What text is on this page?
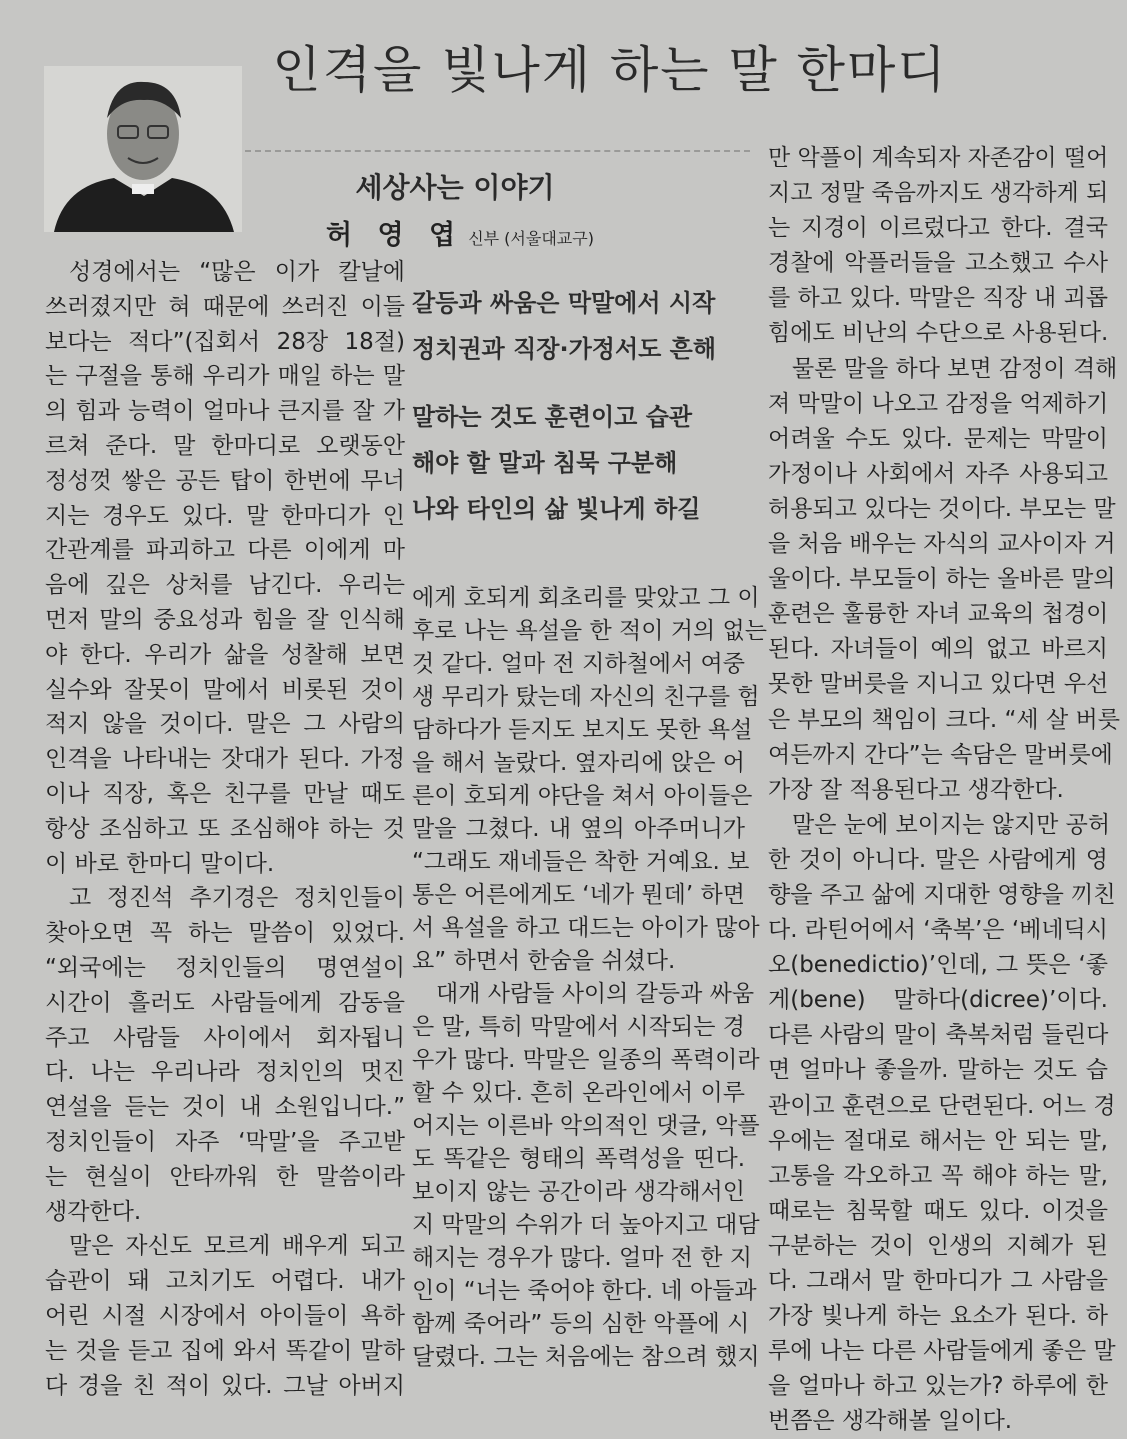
인격을 빛나게 하는 말 한마디
세상사는 이야기
허 영 엽 신부 (서울대교구)
갈등과 싸움은 막말에서 시작
정치권과 직장·가정서도 흔해
말하는 것도 훈련이고 습관
해야 할 말과 침묵 구분해
나와 타인의 삶 빛나게 하길
성경에서는 “많은 이가 칼날에
쓰러졌지만 혀 때문에 쓰러진 이들
보다는 적다”(집회서 28장 18절)
는 구절을 통해 우리가 매일 하는 말
의 힘과 능력이 얼마나 큰지를 잘 가
르쳐 준다. 말 한마디로 오랫동안
정성껏 쌓은 공든 탑이 한번에 무너
지는 경우도 있다. 말 한마디가 인
간관계를 파괴하고 다른 이에게 마
음에 깊은 상처를 남긴다. 우리는
먼저 말의 중요성과 힘을 잘 인식해
야 한다. 우리가 삶을 성찰해 보면
실수와 잘못이 말에서 비롯된 것이
적지 않을 것이다. 말은 그 사람의
인격을 나타내는 잣대가 된다. 가정
이나 직장, 혹은 친구를 만날 때도
항상 조심하고 또 조심해야 하는 것
이 바로 한마디 말이다.
고 정진석 추기경은 정치인들이
찾아오면 꼭 하는 말씀이 있었다.
“외국에는 정치인들의 명연설이
시간이 흘러도 사람들에게 감동을
주고 사람들 사이에서 회자됩니
다. 나는 우리나라 정치인의 멋진
연설을 듣는 것이 내 소원입니다.”
정치인들이 자주 ‘막말’을 주고받
는 현실이 안타까워 한 말씀이라
생각한다.
말은 자신도 모르게 배우게 되고
습관이 돼 고치기도 어렵다. 내가
어린 시절 시장에서 아이들이 욕하
는 것을 듣고 집에 와서 똑같이 말하
다 경을 친 적이 있다. 그날 아버지
에게 호되게 회초리를 맞았고 그 이
후로 나는 욕설을 한 적이 거의 없는
것 같다. 얼마 전 지하철에서 여중
생 무리가 탔는데 자신의 친구를 험
담하다가 듣지도 보지도 못한 욕설
을 해서 놀랐다. 옆자리에 앉은 어
른이 호되게 야단을 쳐서 아이들은
말을 그쳤다. 내 옆의 아주머니가
“그래도 재네들은 착한 거예요. 보
통은 어른에게도 ‘네가 뭔데’ 하면
서 욕설을 하고 대드는 아이가 많아
요” 하면서 한숨을 쉬셨다.
대개 사람들 사이의 갈등과 싸움
은 말, 특히 막말에서 시작되는 경
우가 많다. 막말은 일종의 폭력이라
할 수 있다. 흔히 온라인에서 이루
어지는 이른바 악의적인 댓글, 악플
도 똑같은 형태의 폭력성을 띤다.
보이지 않는 공간이라 생각해서인
지 막말의 수위가 더 높아지고 대담
해지는 경우가 많다. 얼마 전 한 지
인이 “너는 죽어야 한다. 네 아들과
함께 죽어라” 등의 심한 악플에 시
달렸다. 그는 처음에는 참으려 했지
만 악플이 계속되자 자존감이 떨어
지고 정말 죽음까지도 생각하게 되
는 지경이 이르렀다고 한다. 결국
경찰에 악플러들을 고소했고 수사
를 하고 있다. 막말은 직장 내 괴롭
힘에도 비난의 수단으로 사용된다.
물론 말을 하다 보면 감정이 격해
져 막말이 나오고 감정을 억제하기
어려울 수도 있다. 문제는 막말이
가정이나 사회에서 자주 사용되고
허용되고 있다는 것이다. 부모는 말
을 처음 배우는 자식의 교사이자 거
울이다. 부모들이 하는 올바른 말의
훈련은 훌륭한 자녀 교육의 첩경이
된다. 자녀들이 예의 없고 바르지
못한 말버릇을 지니고 있다면 우선
은 부모의 책임이 크다. “세 살 버릇
여든까지 간다”는 속담은 말버릇에
가장 잘 적용된다고 생각한다.
말은 눈에 보이지는 않지만 공허
한 것이 아니다. 말은 사람에게 영
향을 주고 삶에 지대한 영향을 끼친
다. 라틴어에서 ‘축복’은 ‘베네딕시
오(benedictio)’인데, 그 뜻은 ‘좋
게(bene) 말하다(dicree)’이다.
다른 사람의 말이 축복처럼 들린다
면 얼마나 좋을까. 말하는 것도 습
관이고 훈련으로 단련된다. 어느 경
우에는 절대로 해서는 안 되는 말,
고통을 각오하고 꼭 해야 하는 말,
때로는 침묵할 때도 있다. 이것을
구분하는 것이 인생의 지혜가 된
다. 그래서 말 한마디가 그 사람을
가장 빛나게 하는 요소가 된다. 하
루에 나는 다른 사람들에게 좋은 말
을 얼마나 하고 있는가? 하루에 한
번쯤은 생각해볼 일이다.
